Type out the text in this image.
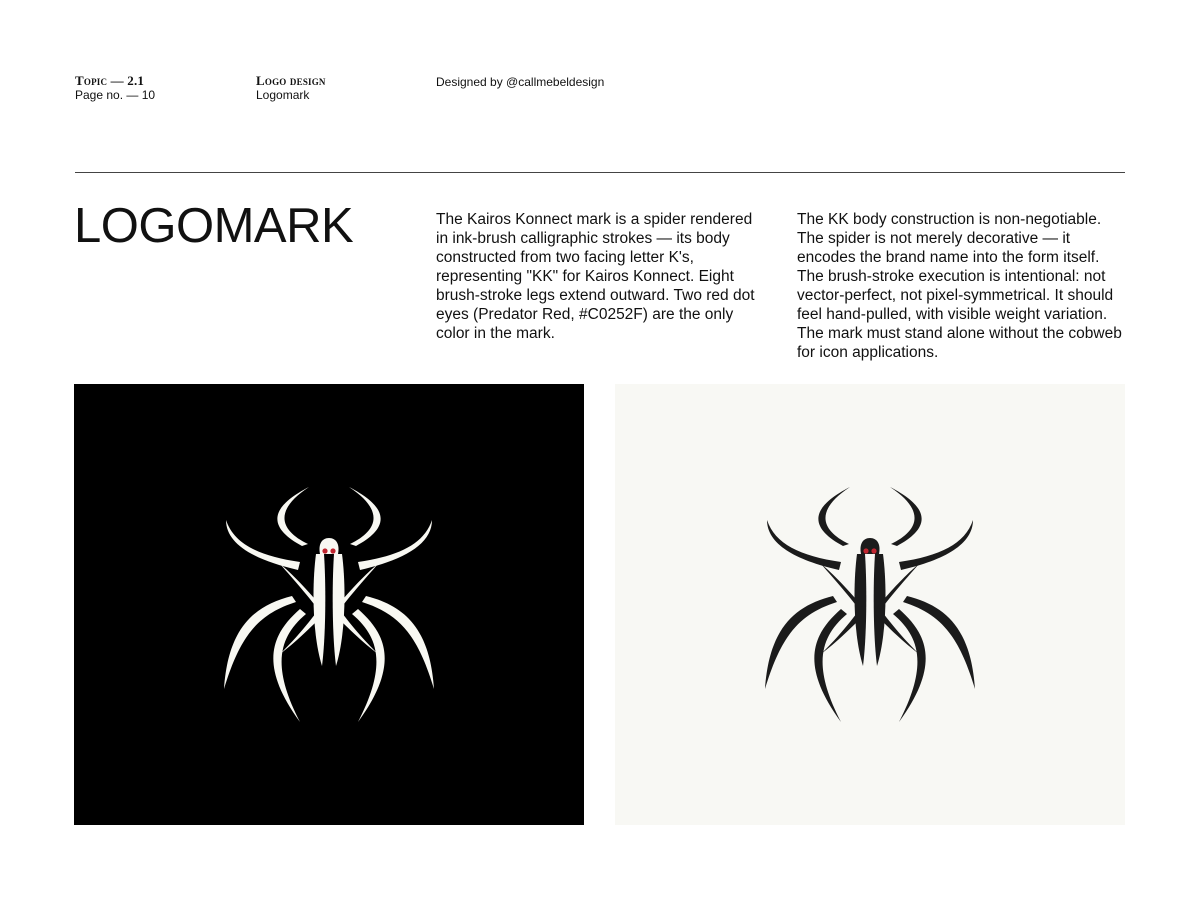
Topic — 2.1
Page no. — 10
Logo design
Logomark
Designed by @callmebeldesign
LOGOMARK	The Kairos Konnect mark is a spider rendered in ink-brush calligraphic strokes — its body constructed from two facing letter K's, representing "KK" for Kairos Konnect. Eight brush-stroke legs extend outward. Two red dot eyes (Predator Red, #C0252F) are the only color in the mark.

The KK body construction is non-negotiable. The spider is not merely decorative — it encodes the brand name into the form itself. The brush-stroke execution is intentional: not vector-perfect, not pixel-symmetrical. It should feel hand-pulled, with visible weight variation. The mark must stand alone without the cobweb for icon applications.
